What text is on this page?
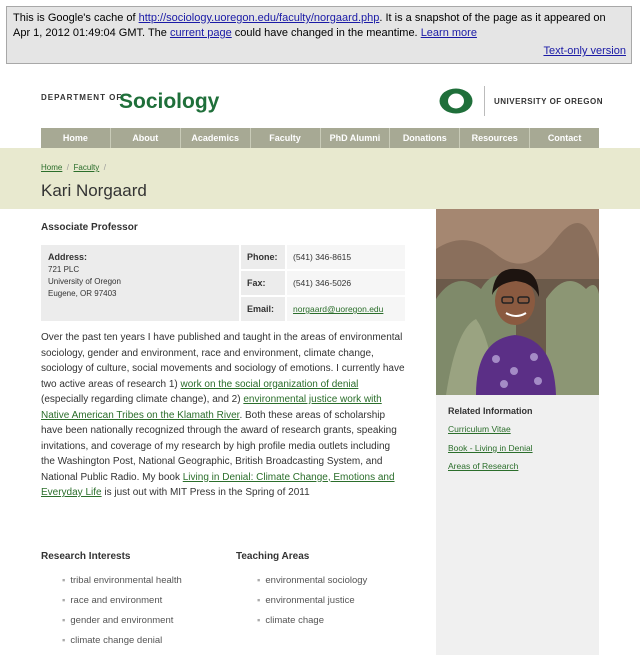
This is Google's cache of http://sociology.uoregon.edu/faculty/norgaard.php. It is a snapshot of the page as it appeared on Apr 1, 2012 01:49:04 GMT. The current page could have changed in the meantime. Learn more
Text-only version
DEPARTMENT OF
Sociology	UNIVERSITY OF OREGON
Home	About	Academics	Faculty	PhD Alumni	Donations	Resources	Contact
Home / Faculty /
Kari Norgaard
Associate Professor
Address:
721 PLC
University of Oregon
Eugene, OR 97403
Phone:	(541) 346-8615
Fax:	(541) 346-5026
Email:	norgaard@uoregon.edu
Over the past ten years I have published and taught in the areas of environmental sociology, gender and environment, race and environment, climate change, sociology of culture, social movements and sociology of emotions. I currently have two active areas of research 1) work on the social organization of denial (especially regarding climate change), and 2) environmental justice work with Native American Tribes on the Klamath River. Both these areas of scholarship have been nationally recognized through the award of research grants, speaking invitations, and coverage of my research by high profile media outlets including the Washington Post, National Geographic, British Broadcasting System, and National Public Radio. My book Living in Denial: Climate Change, Emotions and Everyday Life is just out with MIT Press in the Spring of 2011
Research Interests
▪ tribal environmental health
▪ race and environment
▪ gender and environment
▪ climate change denial
Teaching Areas
▪ environmental sociology
▪ environmental justice
▪ climate chage
Related Information
Curriculum Vitae
Book - Living in Denial
Areas of Research
